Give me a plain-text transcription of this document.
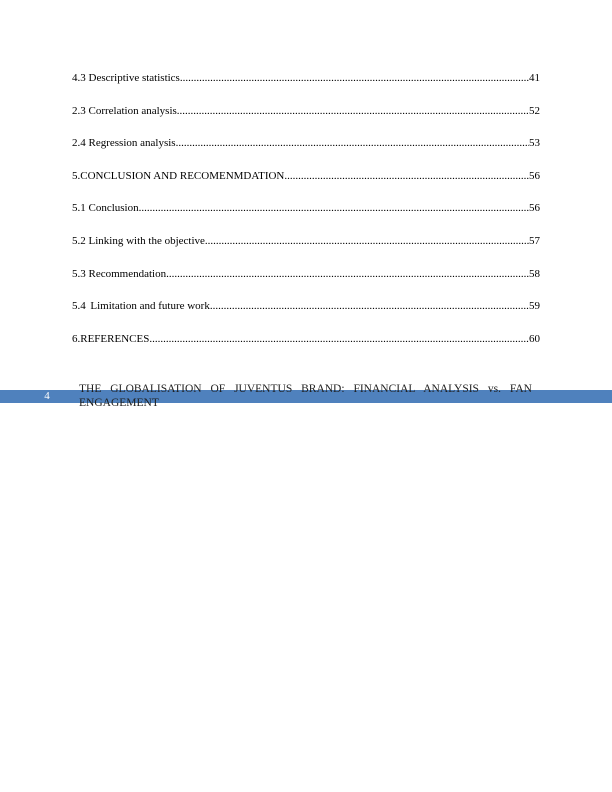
4.3 Descriptive statistics .....	41
2.3 Correlation analysis .....	52
2.4 Regression analysis .....	53
5.CONCLUSION AND RECOMENMDATION .....	56
5.1 Conclusion .....	56
5.2 Linking with the objective .....	57
5.3 Recommendation .....	58
5.4 Limitation and future work .....	59
6.REFERENCES .....	60
4
THE GLOBALISATION OF JUVENTUS BRAND: FINANCIAL ANALYSIS vs. FAN ENGAGEMENT
